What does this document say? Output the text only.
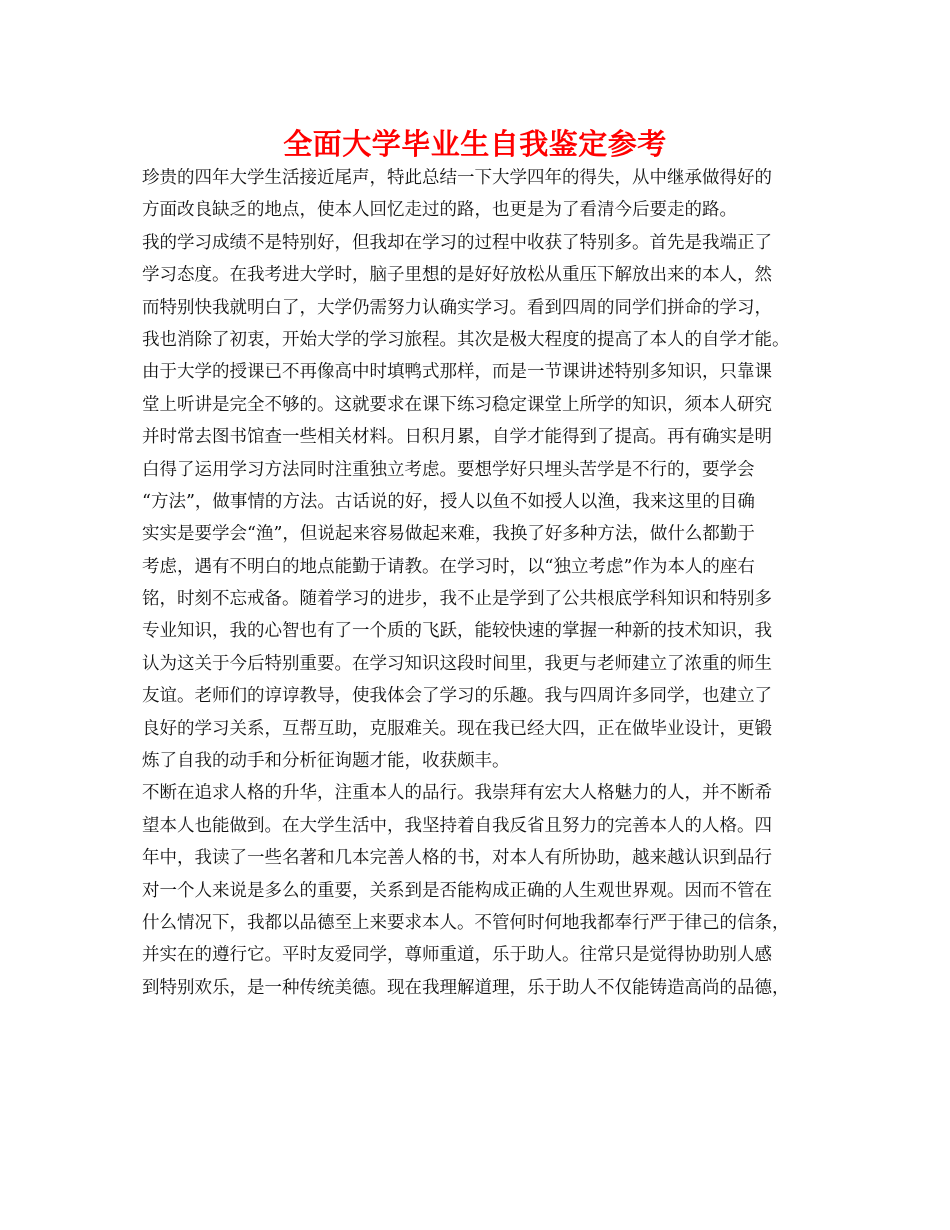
全面大学毕业生自我鉴定参考
珍贵的四年大学生活接近尾声，特此总结一下大学四年的得失，从中继承做得好的
方面改良缺乏的地点，使本人回忆走过的路，也更是为了看清今后要走的路。
我的学习成绩不是特别好，但我却在学习的过程中收获了特别多。首先是我端正了
学习态度。在我考进大学时，脑子里想的是好好放松从重压下解放出来的本人，然
而特别快我就明白了，大学仍需努力认确实学习。看到四周的同学们拼命的学习，
我也消除了初衷，开始大学的学习旅程。其次是极大程度的提高了本人的自学才能。
由于大学的授课已不再像高中时填鸭式那样，而是一节课讲述特别多知识，只靠课
堂上听讲是完全不够的。这就要求在课下练习稳定课堂上所学的知识，须本人研究
并时常去图书馆查一些相关材料。日积月累，自学才能得到了提高。再有确实是明
白得了运用学习方法同时注重独立考虑。要想学好只埋头苦学是不行的，要学会
“方法”，做事情的方法。古话说的好，授人以鱼不如授人以渔，我来这里的目确
实实是要学会“渔”，但说起来容易做起来难，我换了好多种方法，做什么都勤于
考虑，遇有不明白的地点能勤于请教。在学习时，以“独立考虑”作为本人的座右
铭，时刻不忘戒备。随着学习的进步，我不止是学到了公共根底学科知识和特别多
专业知识，我的心智也有了一个质的飞跃，能较快速的掌握一种新的技术知识，我
认为这关于今后特别重要。在学习知识这段时间里，我更与老师建立了浓重的师生
友谊。老师们的谆谆教导，使我体会了学习的乐趣。我与四周许多同学，也建立了
良好的学习关系，互帮互助，克服难关。现在我已经大四，正在做毕业设计，更锻
炼了自我的动手和分析征询题才能，收获颇丰。
不断在追求人格的升华，注重本人的品行。我崇拜有宏大人格魅力的人，并不断希
望本人也能做到。在大学生活中，我坚持着自我反省且努力的完善本人的人格。四
年中，我读了一些名著和几本完善人格的书，对本人有所协助，越来越认识到品行
对一个人来说是多么的重要，关系到是否能构成正确的人生观世界观。因而不管在
什么情况下，我都以品德至上来要求本人。不管何时何地我都奉行严于律己的信条，
并实在的遵行它。平时友爱同学，尊师重道，乐于助人。往常只是觉得协助别人感
到特别欢乐，是一种传统美德。现在我理解道理，乐于助人不仅能铸造高尚的品德，
